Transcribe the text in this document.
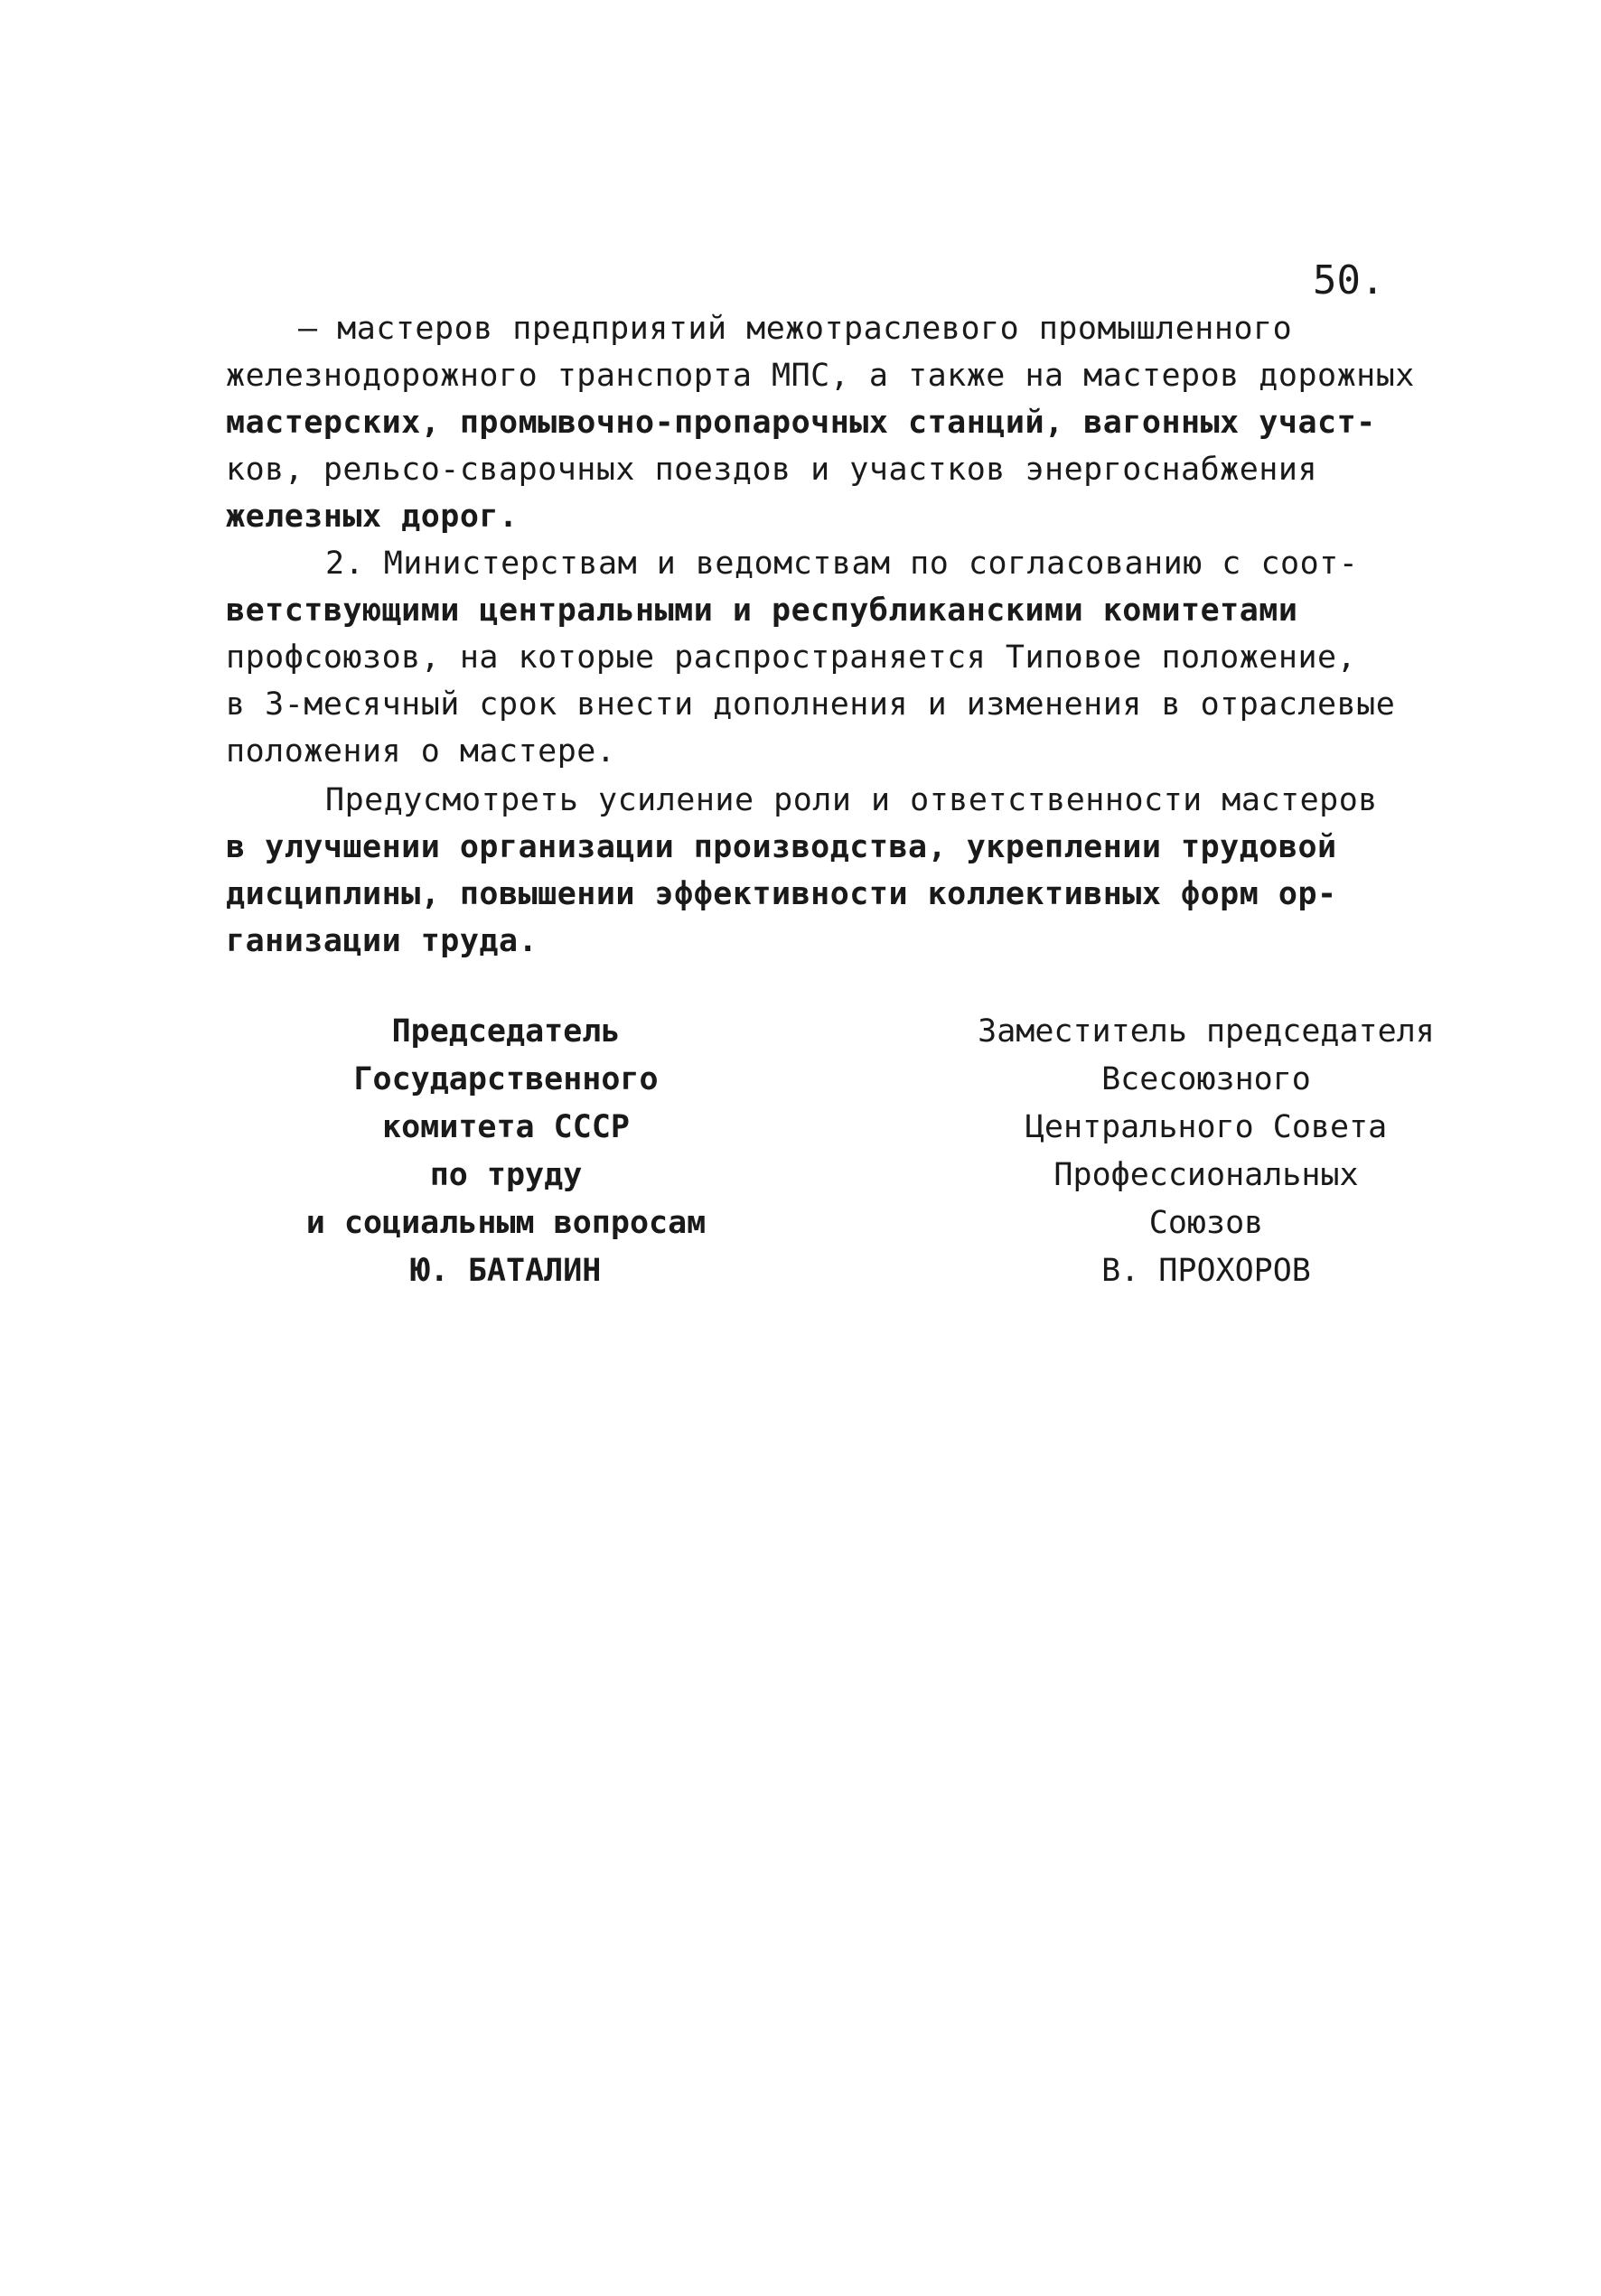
50.
– мастеров предприятий межотраслевого промышленного
железнодорожного транспорта МПС, а также на мастеров дорожных
мастерских, промывочно-пропарочных станций, вагонных участ-
ков, рельсо-сварочных поездов и участков энергоснабжения
железных дорог.
2. Министерствам и ведомствам по согласованию с соот-
ветствующими центральными и республиканскими комитетами
профсоюзов, на которые распространяется Типовое положение,
в 3-месячный срок внести дополнения и изменения в отраслевые
положения о мастере.
Предусмотреть усиление роли и ответственности мастеров
в улучшении организации производства, укреплении трудовой
дисциплины, повышении эффективности коллективных форм ор-
ганизации труда.
Председатель
Государственного
комитета СССР
по труду
и социальным вопросам
Ю. БАТАЛИН
Заместитель председателя
Всесоюзного
Центрального Совета
Профессиональных
Союзов
В. ПРОХОРОВ
